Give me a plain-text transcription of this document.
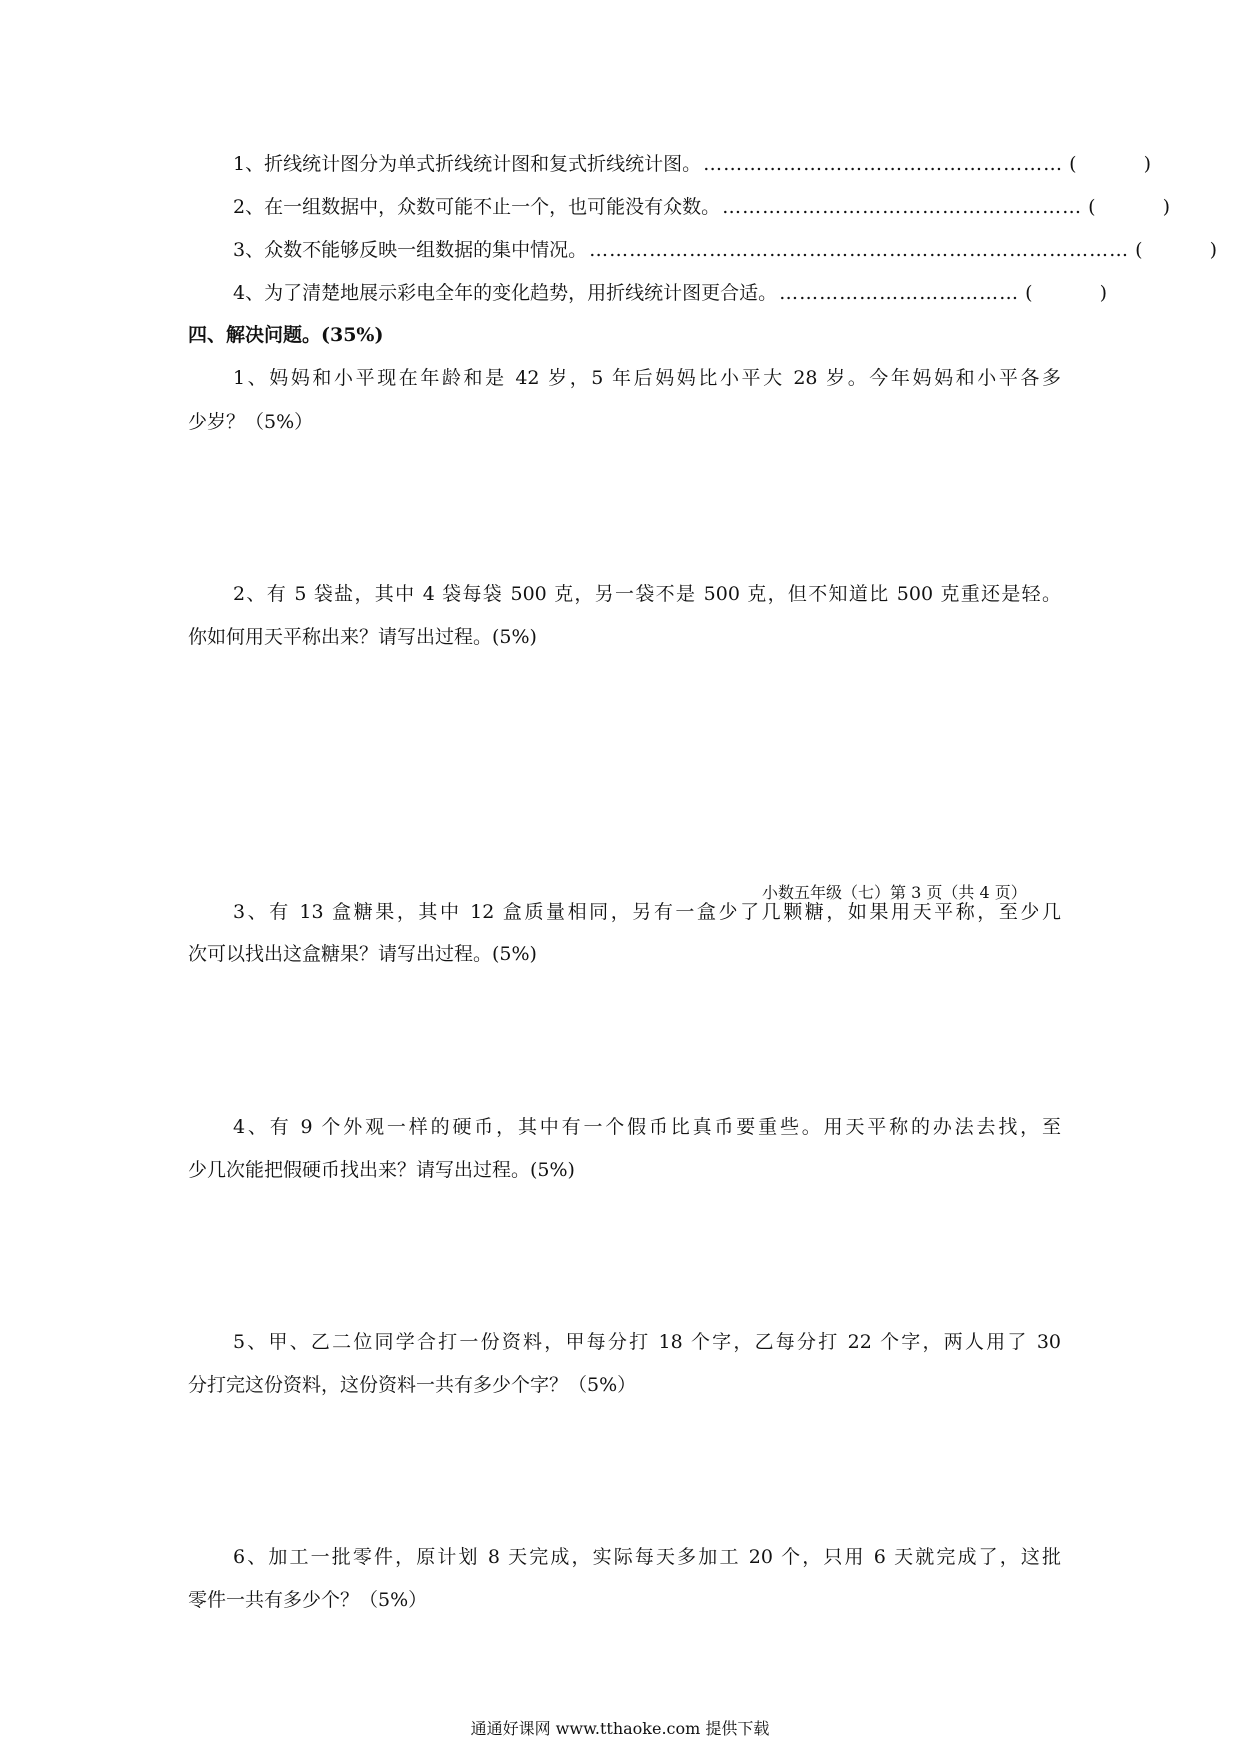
1、折线统计图分为单式折线统计图和复式折线统计图。 ……………………………………………… (	)
2、在一组数据中，众数可能不止一个，也可能没有众数。 ……………………………………………… (	)
3、众数不能够反映一组数据的集中情况。 ……………………………………………………………………… (	)
4、为了清楚地展示彩电全年的变化趋势，用折线统计图更合适。 ……………………………… (	)
四、解决问题。(35%)
1、妈妈和小平现在年龄和是 42 岁，5 年后妈妈比小平大 28 岁。今年妈妈和小平各多
少岁？（5%）
2、有 5 袋盐，其中 4 袋每袋 500 克，另一袋不是 500 克，但不知道比 500 克重还是轻。
你如何用天平称出来？请写出过程。(5%)
小数五年级（七）第 3 页（共 4 页）
3、有 13 盒糖果，其中 12 盒质量相同，另有一盒少了几颗糖，如果用天平称，至少几
次可以找出这盒糖果？请写出过程。(5%)
4、有 9 个外观一样的硬币，其中有一个假币比真币要重些。用天平称的办法去找，至
少几次能把假硬币找出来？请写出过程。(5%)
5、甲、乙二位同学合打一份资料，甲每分打 18 个字，乙每分打 22 个字，两人用了 30
分打完这份资料，这份资料一共有多少个字？（5%）
6、加工一批零件，原计划 8 天完成，实际每天多加工 20 个，只用 6 天就完成了，这批
零件一共有多少个？（5%）
通通好课网 www.tthaoke.com 提供下载
